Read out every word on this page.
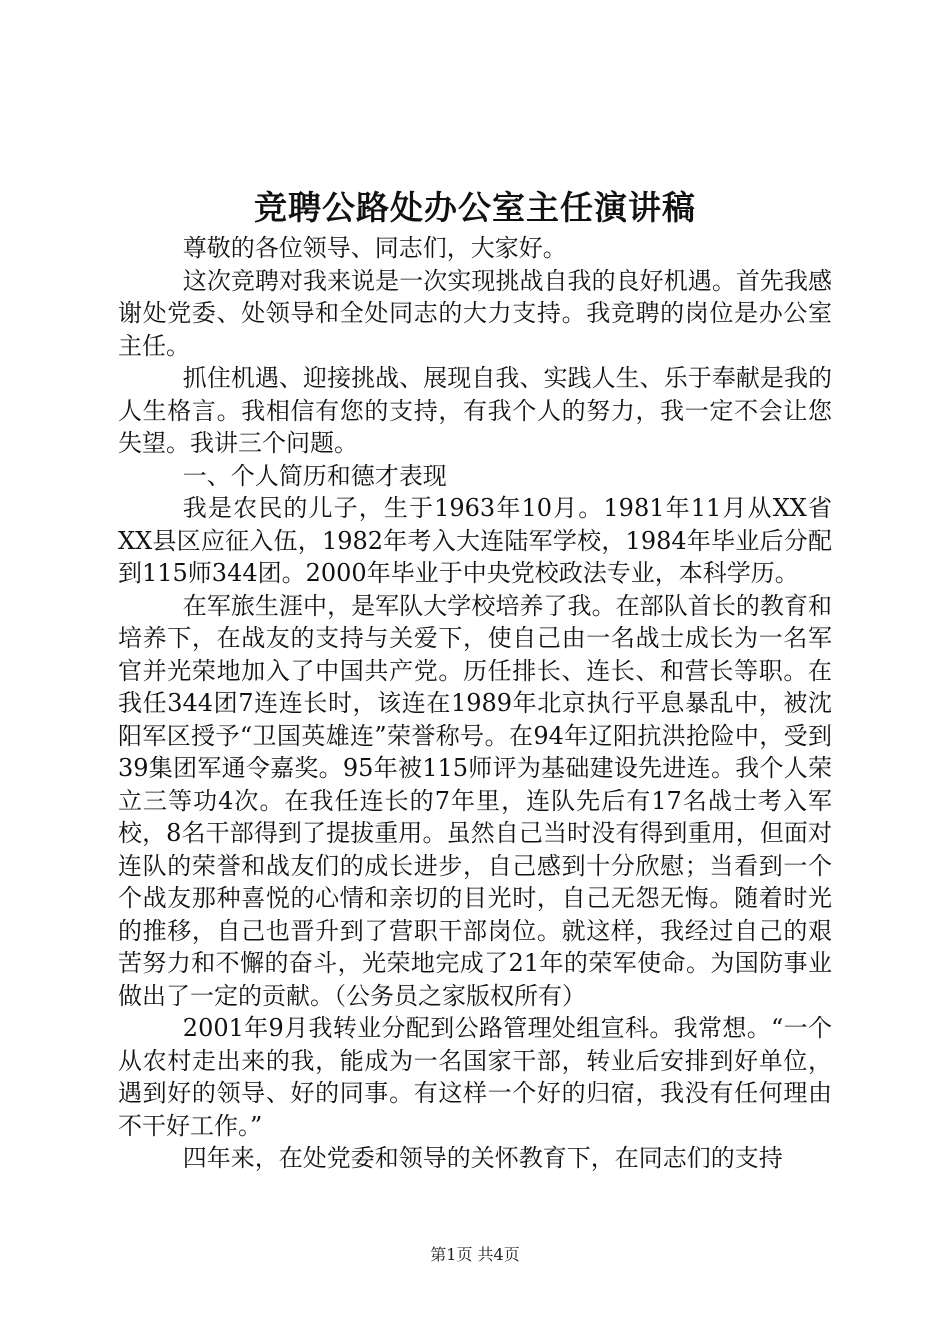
竞聘公路处办公室主任演讲稿

尊敬的各位领导、同志们，大家好。

这次竞聘对我来说是一次实现挑战自我的良好机遇。首先我感谢处党委、处领导和全处同志的大力支持。我竞聘的岗位是办公室主任。

抓住机遇、迎接挑战、展现自我、实践人生、乐于奉献是我的人生格言。我相信有您的支持，有我个人的努力，我一定不会让您失望。我讲三个问题。

一、个人简历和德才表现

我是农民的儿子，生于1963年10月。1981年11月从XX省XX县区应征入伍，1982年考入大连陆军学校，1984年毕业后分配到115师344团。2000年毕业于中央党校政法专业，本科学历。

在军旅生涯中，是军队大学校培养了我。在部队首长的教育和培养下，在战友的支持与关爱下，使自己由一名战士成长为一名军官并光荣地加入了中国共产党。历任排长、连长、和营长等职。在我任344团7连连长时，该连在1989年北京执行平息暴乱中，被沈阳军区授予“卫国英雄连”荣誉称号。在94年辽阳抗洪抢险中，受到39集团军通令嘉奖。95年被115师评为基础建设先进连。我个人荣立三等功4次。在我任连长的7年里，连队先后有17名战士考入军校，8名干部得到了提拔重用。虽然自己当时没有得到重用，但面对连队的荣誉和战友们的成长进步，自己感到十分欣慰；当看到一个个战友那种喜悦的心情和亲切的目光时，自己无怨无悔。随着时光的推移，自己也晋升到了营职干部岗位。就这样，我经过自己的艰苦努力和不懈的奋斗，光荣地完成了21年的荣军使命。为国防事业做出了一定的贡献。（公务员之家版权所有）

2001年9月我转业分配到公路管理处组宣科。我常想。“一个从农村走出来的我，能成为一名国家干部，转业后安排到好单位，遇到好的领导、好的同事。有这样一个好的归宿，我没有任何理由不干好工作。”

四年来，在处党委和领导的关怀教育下，在同志们的支持

第1页 共4页
